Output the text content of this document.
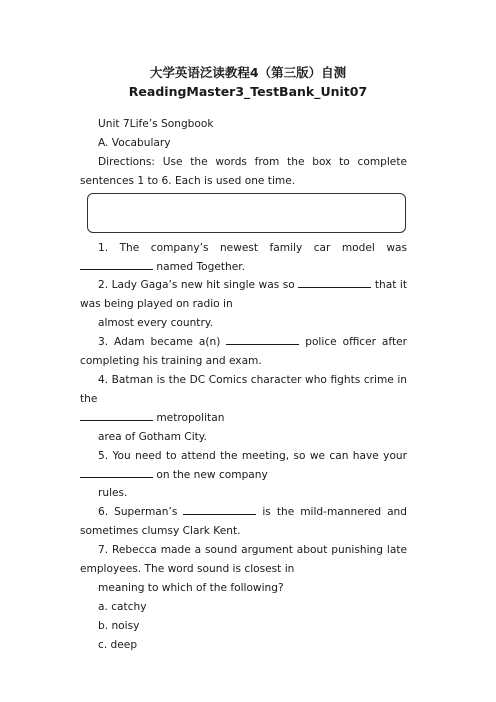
大学英语泛读教程4（第三版）自测
ReadingMaster3_TestBank_Unit07

Unit 7Life’s Songbook

A. Vocabulary

Directions: Use the words from the box to complete sentences 1 to 6. Each is used one time.

1. The company’s newest family car model was

named Together.

2. Lady Gaga’s new hit single was so	that it was being played on radio in

almost every country.

3. Adam became a(n)	police officer after completing his training and exam.

4. Batman is the DC Comics character who fights crime in the

metropolitan

area of Gotham City.

5. You need to attend the meeting, so we can have your

on the new company

rules.

6. Superman’s	is the mild-mannered and sometimes clumsy Clark Kent.

7. Rebecca made a sound argument about punishing late employees. The word sound is closest in

meaning to which of the following?

a. catchy

b. noisy

c. deep
